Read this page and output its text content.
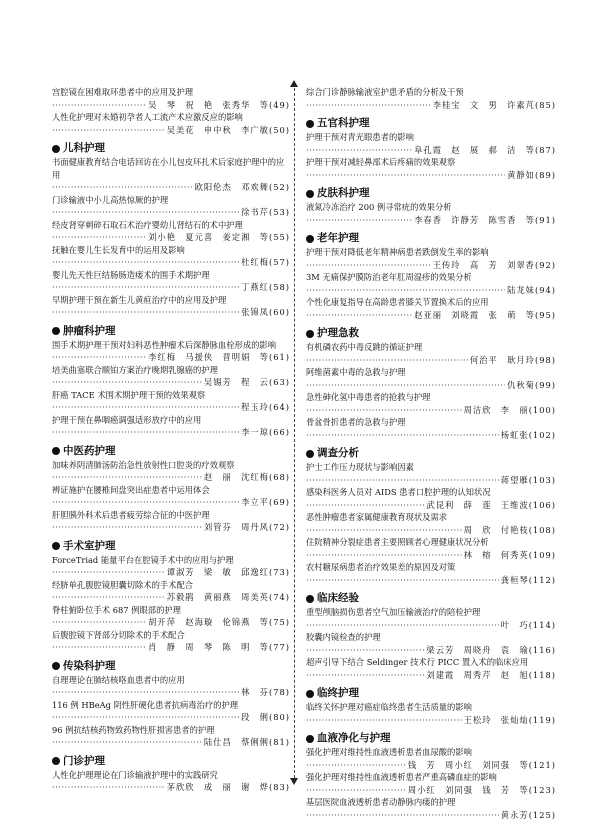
宫腔镜在困难取环患者中的应用及护理
·····
吴　琴　祝　艳　张秀华　等(49)
人性化护理对未婚初孕者人工流产术应激反应的影响
·····
吴美花　申中秋　李广敏(50)
儿科护理
书面健康教育结合电话回访在小儿包皮环扎术后家庭护理中的应用
·····
欧阳伦杰　邓欢舞(52)
门诊输液中小儿高热惊厥的护理
·····
徐书芹(53)
经皮肾穿刺碎石取石术治疗婴幼儿肾结石的术中护理
·····
刘小艳　夏元喜　姜定湘　等(55)
抚触在婴儿生长发育中的运用及影响
·····
杜红梅(57)
婴儿先天性巨结肠肠造瘘术的围手术期护理
·····
丁燕红(58)
早期护理干预在新生儿黄疸治疗中的应用及护理
·····
张锦凤(60)
肿瘤科护理
围手术期护理干预对妇科恶性肿瘤术后深静脉血栓形成的影响
·····
李红梅　马援侠　晋明娟　等(61)
培美曲塞联合顺铂方案治疗晚期乳腺癌的护理
·····
吴锡芳　程　云(63)
肝癌 TACE 术围术期护理干预的效果观察
·····
程玉玲(64)
护理干预在鼻咽癌调强适形放疗中的应用
·····
李一琼(66)
中医药护理
加味养阴清肺汤防治急性放射性口腔炎的疗效观察
·····
赵　丽　沈红梅(68)
辨证施护在腰椎间盘突出症患者中运用体会
·····
李立平(69)
肝胆胰外科术后患者疲劳综合征的中医护理
·····
刘管芬　周丹风(72)
手术室护理
ForceTriad 能量平台在腔镜手术中的应用与护理
·····
谭淑芳　梁　敏　邱逸红(73)
经脐单孔腹腔镜胆囊切除术的手术配合
·····
苏毅鹃　黄丽燕　周美英(74)
脊柱俯卧位手术 687 例眼部的护理
·····
胡开萍　赵海璇　伦锦燕　等(75)
后腹腔镜下肾部分切除术的手术配合
·····
肖　静　周　琴　陈　明　等(77)
传染科护理
自理理论在肺结核咯血患者中的应用
·····
林　芬(78)
116 例 HBeAg 阴性肝硬化患者抗病毒治疗的护理
·····
段　俐(80)
96 例抗结核药物致药物性肝损害患者的护理
·····
陆仕昌　蔡俐俐(81)
门诊护理
人性化护理理论在门诊输液护理中的实践研究
·····
茅欣欣　成　丽　谢　烨(83)
综合门诊静脉输液室护患矛盾的分析及干预
·····
李桂宝　文　男　许素芃(85)
五官科护理
护理干预对青光眼患者的影响
·····
阜孔霞　赵　展　郝　洁　等(87)
护理干预对减轻鼻部术后疼痛的效果观察
·····
黄静如(89)
皮肤科护理
液氮冷冻治疗 200 例寻常疣的效果分析
·····
李春香　许静芳　陈雪香　等(91)
老年护理
护理干预对降低老年精神病患者跌倒发生率的影响
·····
王传玲　高　芳　刘翠香(92)
3M 无痛保护膜防治老年肛周湿疹的效果分析
·····
陆龙妹(94)
个性化康复指导在高龄患者膝关节置换术后的应用
·····
赵亚丽　刘晓霞　张　萌　等(95)
护理急救
有机磷农药中毒反跳的循证护理
·····
何治平　耿月玲(98)
阿维菌素中毒的急救与护理
·····
仇秋菊(99)
急性砷化氢中毒患者的抢救与护理
·····
周洁欣　李　丽(100)
骨盆骨折患者的急救与护理
·····
杨虹张(102)
调查分析
护士工作压力现状与影响因素
·····
蒋望雁(103)
感染科医务人员对 AIDS 患者口腔护理的认知状况
·····
武昆利　薛　莲　王维波(106)
恶性肿瘤患者家属健康教育现状及需求
·····
周　欣　付艳枝(108)
住院精神分裂症患者主要照顾者心理健康状况分析
·····
林　榕　何秀英(109)
农村糖尿病患者治疗效果差的原因及对策
·····
龚桓琴(112)
临床经验
重型颅脑损伤患者空气加压输液治疗的陪检护理
·····
叶　巧(114)
胶囊内镜检查的护理
·····
梁云芳　周晓舟　袁　瑜(116)
超声引导下结合 Seldinger 技术行 PICC 置入术的临床应用
·····
刘建霞　周秀芹　赵　旭(118)
临终护理
临终关怀护理对癌症临终患者生活质量的影响
·····
王松玲　张灿灿(119)
血液净化与护理
强化护理对维持性血液透析患者血尿酸的影响
·····
钱　芳　周小红　刘同强　等(121)
强化护理对维持性血液透析患者严重高磷血症的影响
·····
周小红　刘同强　钱　芳　等(123)
基层医院血液透析患者动静脉内瘘的护理
·····
黄永芳(125)
